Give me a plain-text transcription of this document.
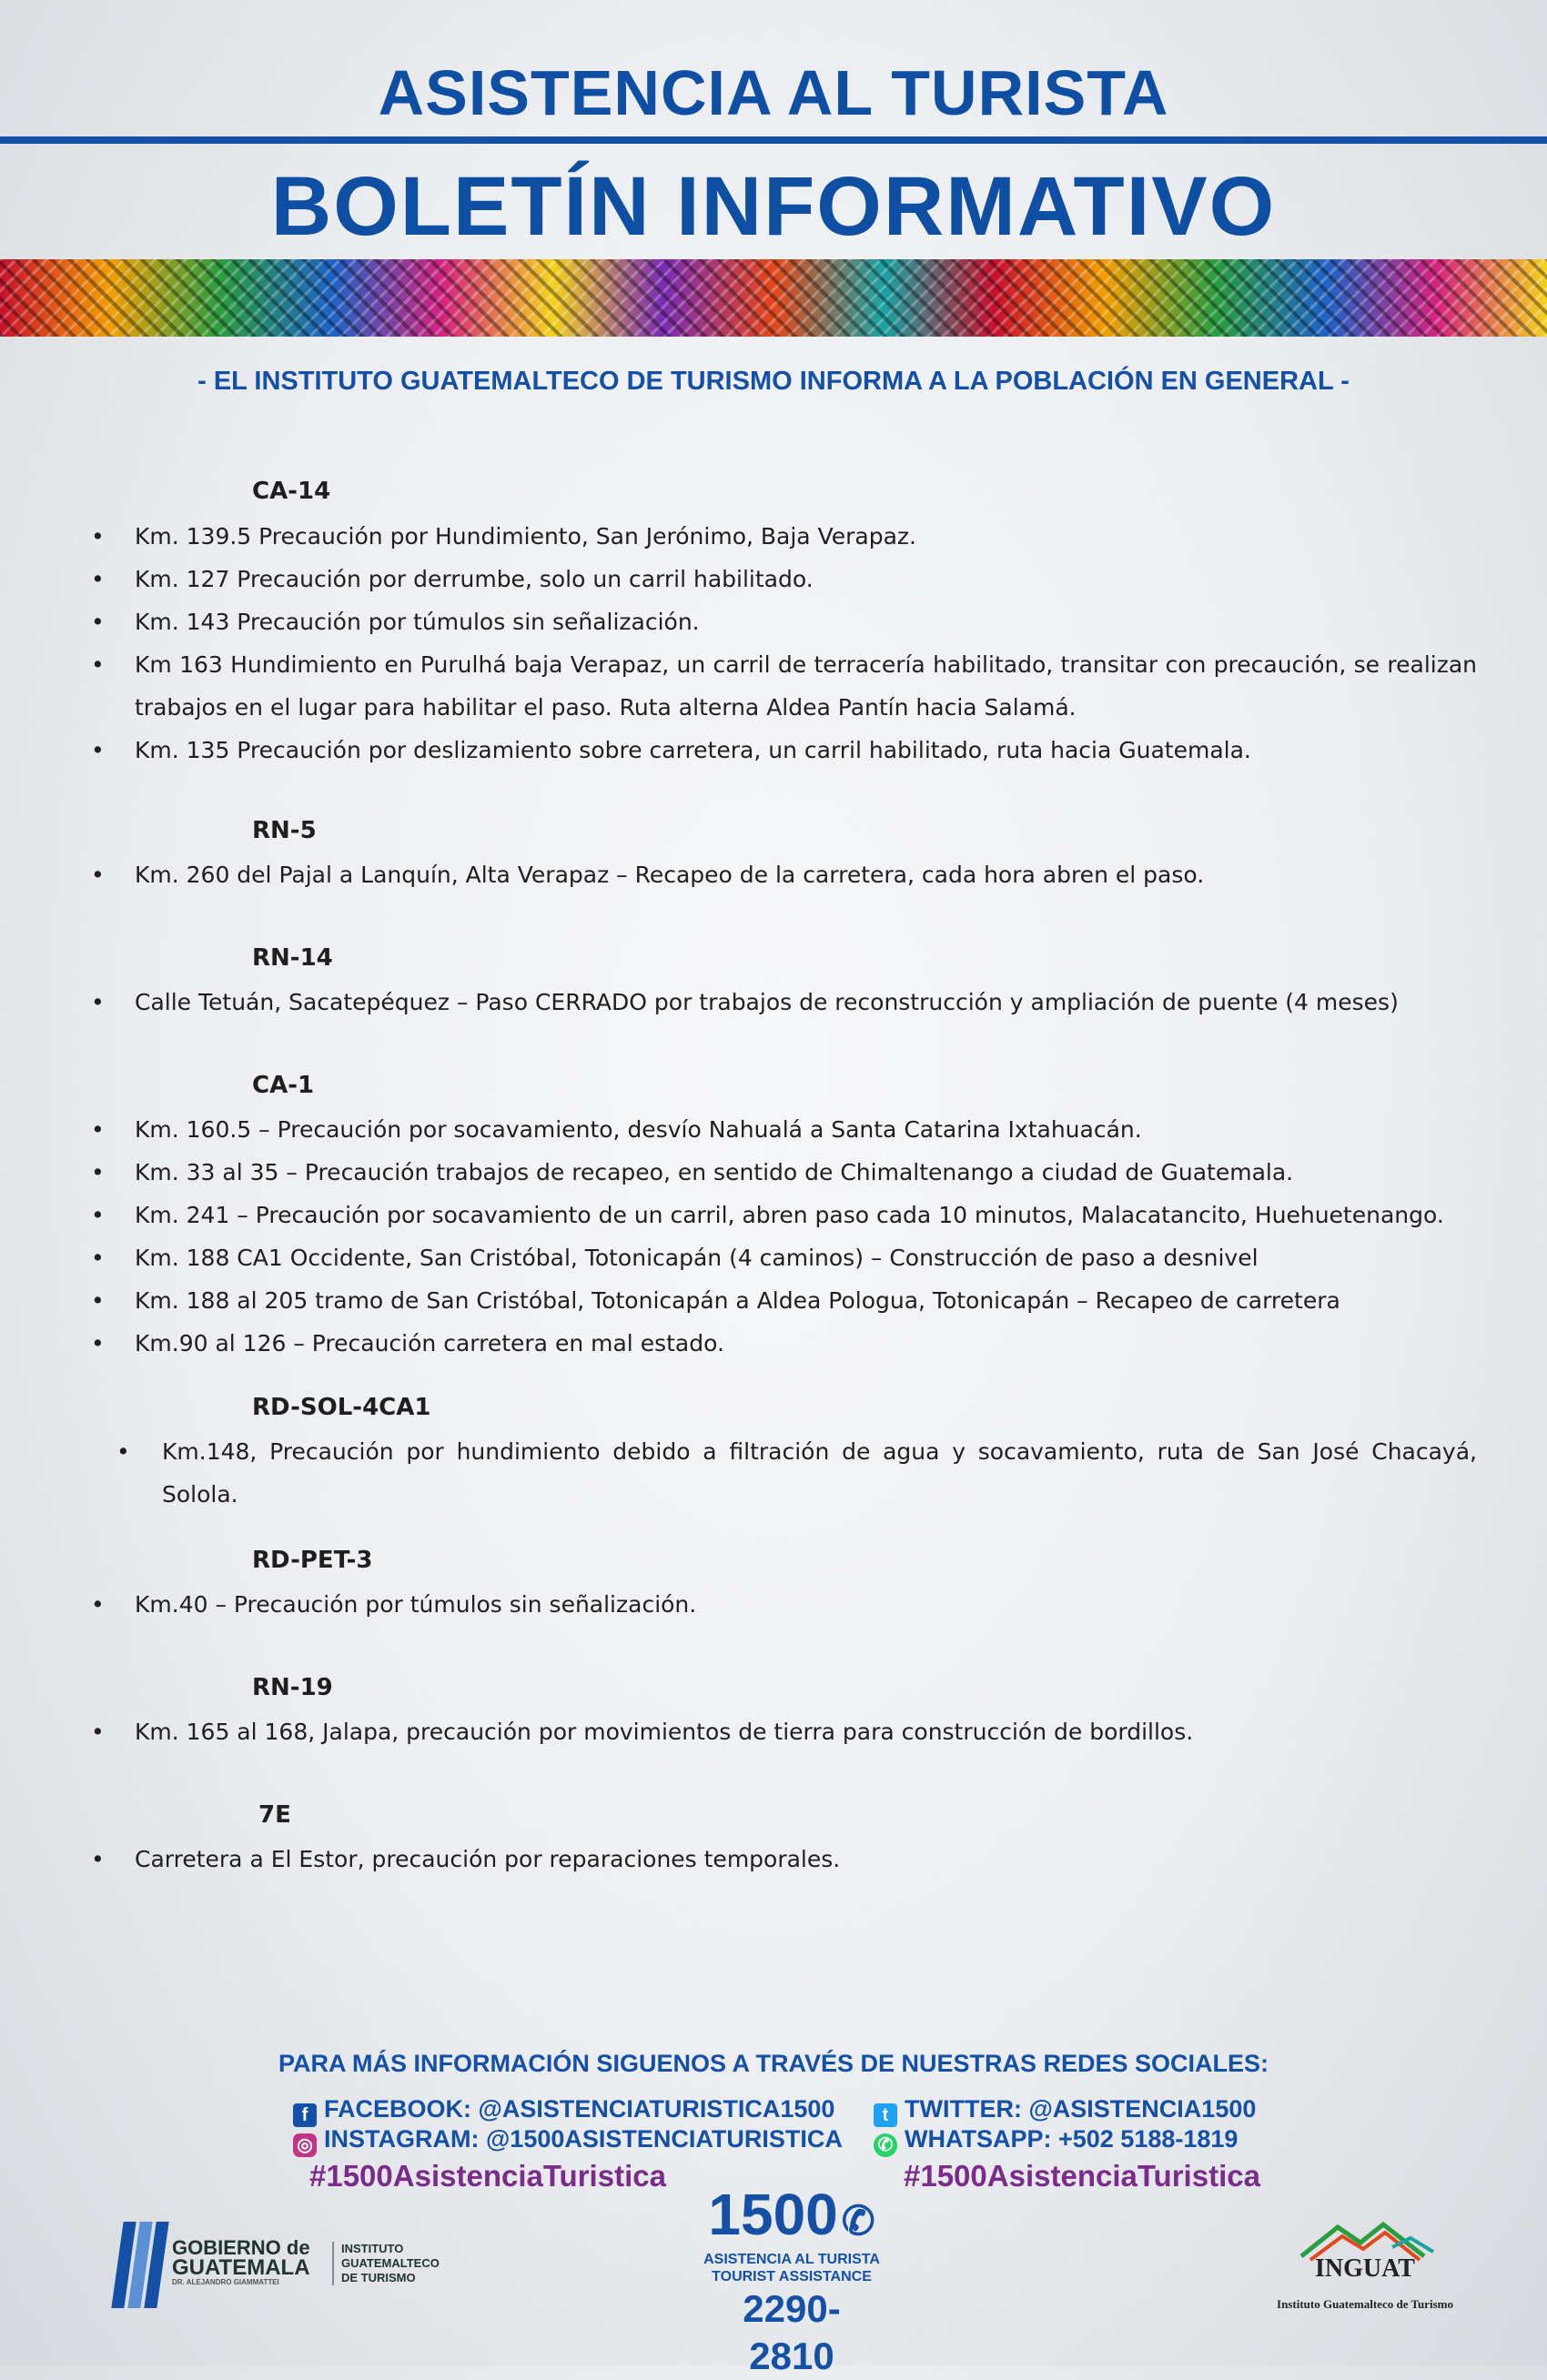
ASISTENCIA AL TURISTA
BOLETÍN INFORMATIVO
- EL INSTITUTO GUATEMALTECO DE TURISMO INFORMA A LA POBLACIÓN EN GENERAL -
CA-14
• Km. 139.5 Precaución por Hundimiento, San Jerónimo, Baja Verapaz.
• Km. 127 Precaución por derrumbe, solo un carril habilitado.
• Km. 143 Precaución por túmulos sin señalización.
• Km 163 Hundimiento en Purulhá baja Verapaz, un carril de terracería habilitado, transitar con precaución, se realizan trabajos en el lugar para habilitar el paso. Ruta alterna Aldea Pantín hacia Salamá.
• Km. 135 Precaución por deslizamiento sobre carretera, un carril habilitado, ruta hacia Guatemala.
RN-5
• Km. 260 del Pajal a Lanquín, Alta Verapaz – Recapeo de la carretera, cada hora abren el paso.
RN-14
• Calle Tetuán, Sacatepéquez – Paso CERRADO por trabajos de reconstrucción y ampliación de puente (4 meses)
CA-1
• Km. 160.5 – Precaución por socavamiento, desvío Nahualá a Santa Catarina Ixtahuacán.
• Km. 33 al 35 – Precaución trabajos de recapeo, en sentido de Chimaltenango a ciudad de Guatemala.
• Km. 241 – Precaución por socavamiento de un carril, abren paso cada 10 minutos, Malacatancito, Huehuetenango.
• Km. 188 CA1 Occidente, San Cristóbal, Totonicapán (4 caminos) – Construcción de paso a desnivel
• Km. 188 al 205 tramo de San Cristóbal, Totonicapán a Aldea Pologua, Totonicapán – Recapeo de carretera
• Km.90 al 126 – Precaución carretera en mal estado.
RD-SOL-4CA1
• Km.148, Precaución por hundimiento debido a filtración de agua y socavamiento, ruta de San José Chacayá, Solola.
RD-PET-3
• Km.40 – Precaución por túmulos sin señalización.
RN-19
• Km. 165 al 168, Jalapa, precaución por movimientos de tierra para construcción de bordillos.
7E
• Carretera a El Estor, precaución por reparaciones temporales.
PARA MÁS INFORMACIÓN SIGUENOS A TRAVÉS DE NUESTRAS REDES SOCIALES:
f FACEBOOK: @ASISTENCIATURISTICA1500
◎ INSTAGRAM: @1500ASISTENCIATURISTICA
t TWITTER: @ASISTENCIA1500
✆ WHATSAPP: +502 5188-1819
#1500AsistenciaTuristica	#1500AsistenciaTuristica
GOBIERNO de
GUATEMALA
DR. ALEJANDRO GIAMMATTEI
INSTITUTO
GUATEMALTECO
DE TURISMO
1500✆
ASISTENCIA AL TURISTA
TOURIST ASSISTANCE
2290-2810
INGUAT
Instituto Guatemalteco de Turismo
